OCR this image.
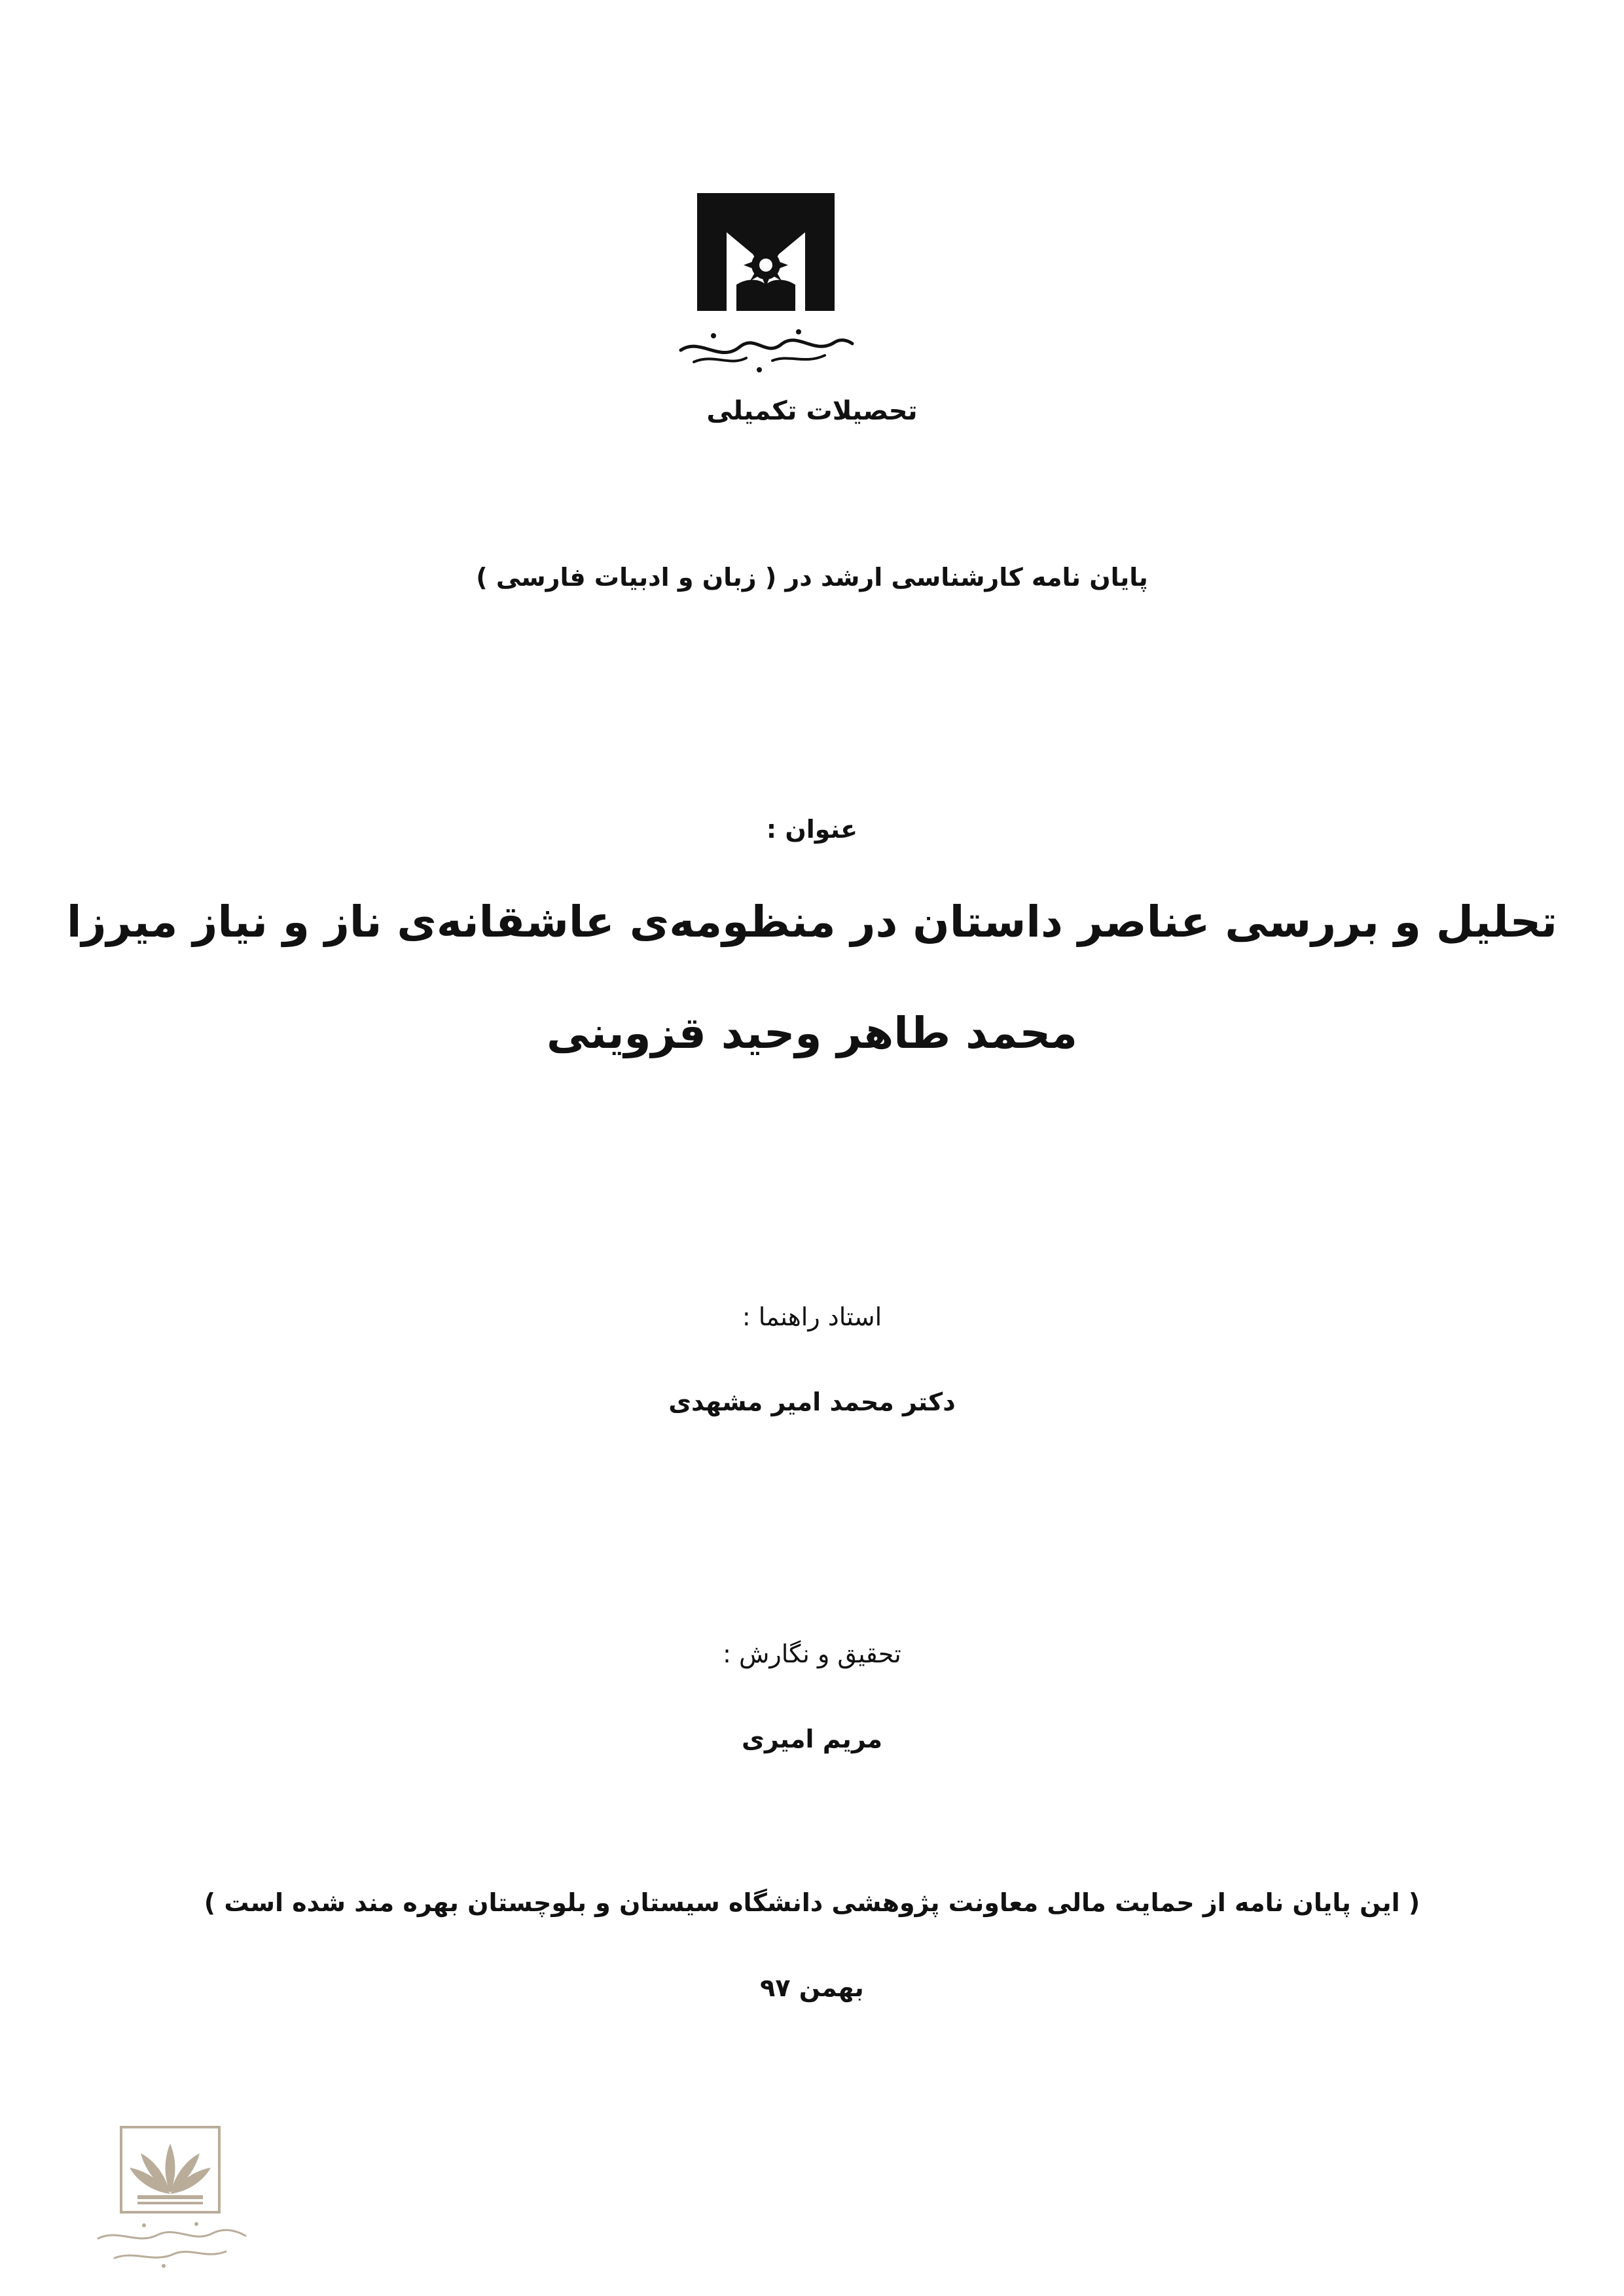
تحصیلات تکمیلی
پایان نامه کارشناسی ارشد در ( زبان و ادبیات فارسی )
عنوان :
تحلیل و بررسی عناصر داستان در منظومه‌ی عاشقانه‌ی ناز و نیاز میرزا
محمد طاهر وحید قزوینی
استاد راهنما :
دکتر محمد امیر مشهدی
تحقیق و نگارش :
مریم امیری
( این پایان نامه از حمایت مالی معاونت پژوهشی دانشگاه سیستان و بلوچستان بهره مند شده است )
بهمن ۹۷
